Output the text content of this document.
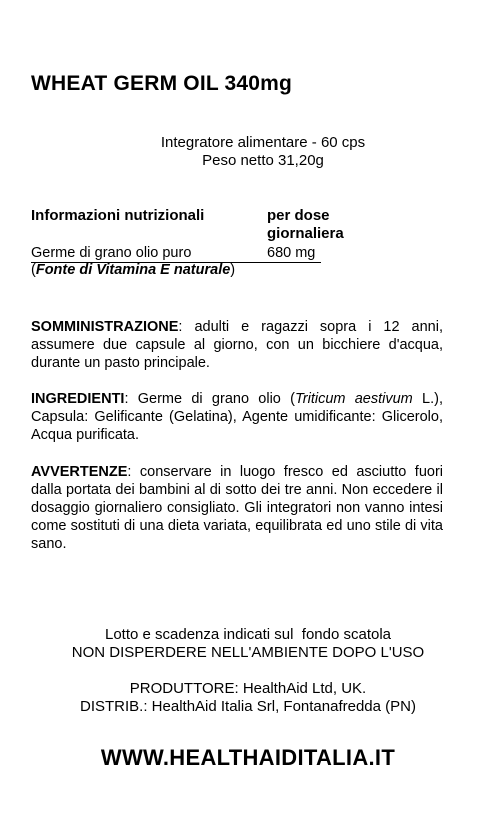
WHEAT GERM OIL 340mg
Integratore alimentare - 60 cps
Peso netto 31,20g
Informazioni nutrizionali	per dose
giornaliera
Germe di grano olio puro	680 mg
(Fonte di Vitamina E naturale)
SOMMINISTRAZIONE: adulti e ragazzi sopra i 12 anni, assumere due capsule al giorno, con un bicchiere d'acqua, durante un pasto principale.
INGREDIENTI: Germe di grano olio (Triticum aestivum L.), Capsula: Gelificante (Gelatina), Agente umidificante: Glicerolo, Acqua purificata.
AVVERTENZE: conservare in luogo fresco ed asciutto fuori dalla portata dei bambini al di sotto dei tre anni. Non eccedere il dosaggio giornaliero consigliato. Gli integratori non vanno intesi come sostituti di una dieta variata, equilibrata ed uno stile di vita sano.
Lotto e scadenza indicati sul  fondo scatola
NON DISPERDERE NELL'AMBIENTE DOPO L'USO
PRODUTTORE: HealthAid Ltd, UK.
DISTRIB.: HealthAid Italia Srl, Fontanafredda (PN)
WWW.HEALTHAIDITALIA.IT
